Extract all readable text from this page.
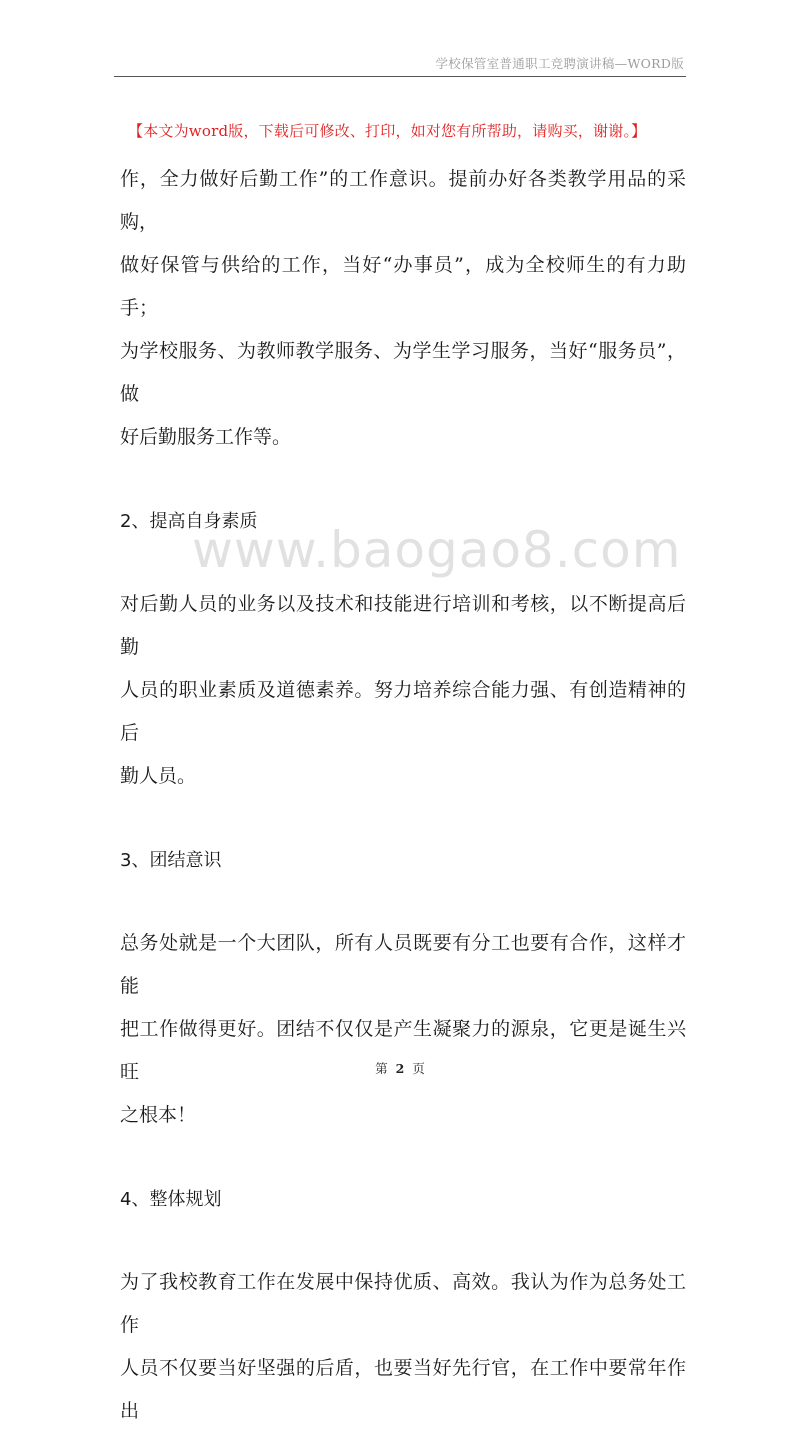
学校保管室普通职工竞聘演讲稿—WORD版
【本文为word版，下载后可修改、打印，如对您有所帮助，请购买，谢谢。】
www.baogao8.com
作，全力做好后勤工作”的工作意识。提前办好各类教学用品的采购，
做好保管与供给的工作，当好“办事员”，成为全校师生的有力助手；
为学校服务、为教师教学服务、为学生学习服务，当好“服务员”，做
好后勤服务工作等。
2、提高自身素质
对后勤人员的业务以及技术和技能进行培训和考核，以不断提高后勤
人员的职业素质及道德素养。努力培养综合能力强、有创造精神的后
勤人员。
3、团结意识
总务处就是一个大团队，所有人员既要有分工也要有合作，这样才能
把工作做得更好。团结不仅仅是产生凝聚力的源泉，它更是诞生兴旺
之根本！
4、整体规划
为了我校教育工作在发展中保持优质、高效。我认为作为总务处工作
人员不仅要当好坚强的后盾，也要当好先行官，在工作中要常年作出
第 2 页
